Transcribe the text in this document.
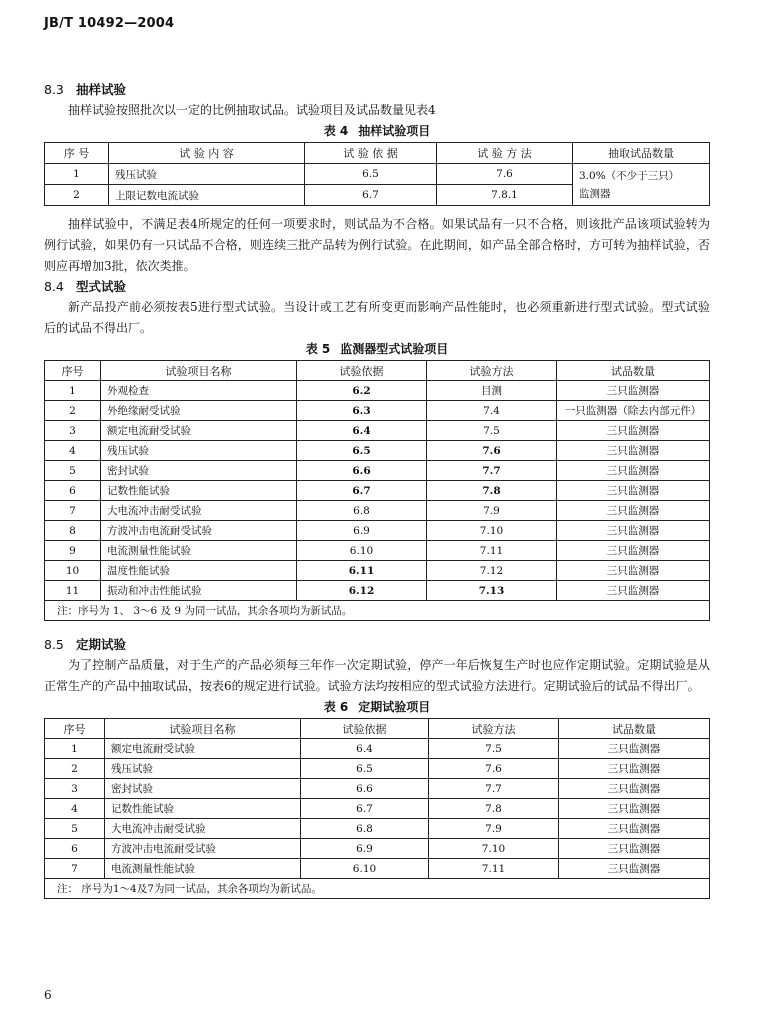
JB/T 10492—2004
8.3 抽样试验

抽样试验按照批次以一定的比例抽取试品。试验项目及试品数量见表4

表 4 抽样试验项目
序 号	试 验 内 容	试 验 依 据	试 验 方 法	抽取试品数量
1	残压试验	6.5	7.6	3.0%（不少于三只）
监测器

2	上限记数电流试验	6.7	7.8.1	

抽样试验中，不满足表4所规定的任何一项要求时，则试品为不合格。如果试品有一只不合格，则该批产品该项试验转为例行试验，如果仍有一只试品不合格，则连续三批产品转为例行试验。在此期间，如产品全部合格时，方可转为抽样试验，否则应再增加3批，依次类推。

8.4 型式试验

新产品投产前必须按表5进行型式试验。当设计或工艺有所变更而影响产品性能时，也必须重新进行型式试验。型式试验后的试品不得出厂。

表 5 监测器型式试验项目
序号	试验项目名称	试验依据	试验方法	试品数量
1	外观检查	6.2	目测	三只监测器
2	外绝缘耐受试验	6.3	7.4	一只监测器（除去内部元件）
3	额定电流耐受试验	6.4	7.5	三只监测器
4	残压试验	6.5	7.6	三只监测器
5	密封试验	6.6	7.7	三只监测器
6	记数性能试验	6.7	7.8	三只监测器
7	大电流冲击耐受试验	6.8	7.9	三只监测器
8	方波冲击电流耐受试验	6.9	7.10	三只监测器
9	电流测量性能试验	6.10	7.11	三只监测器
10	温度性能试验	6.11	7.12	三只监测器
11	振动和冲击性能试验	6.12	7.13	三只监测器
注：序号为 1、 3～6 及 9 为同一试品，其余各项均为新试品。				
8.5 定期试验

为了控制产品质量，对于生产的产品必须每三年作一次定期试验，停产一年后恢复生产时也应作定期试验。定期试验是从正常生产的产品中抽取试品，按表6的规定进行试验。试验方法均按相应的型式试验方法进行。定期试验后的试品不得出厂。

表 6 定期试验项目
序号	试验项目名称	试验依据	试验方法	试品数量
1	额定电流耐受试验	6.4	7.5	三只监测器
2	残压试验	6.5	7.6	三只监测器
3	密封试验	6.6	7.7	三只监测器
4	记数性能试验	6.7	7.8	三只监测器
5	大电流冲击耐受试验	6.8	7.9	三只监测器
6	方波冲击电流耐受试验	6.9	7.10	三只监测器
7	电流测量性能试验	6.10	7.11	三只监测器
注： 序号为1～4及7为同一试品，其余各项均为新试品。				
6
